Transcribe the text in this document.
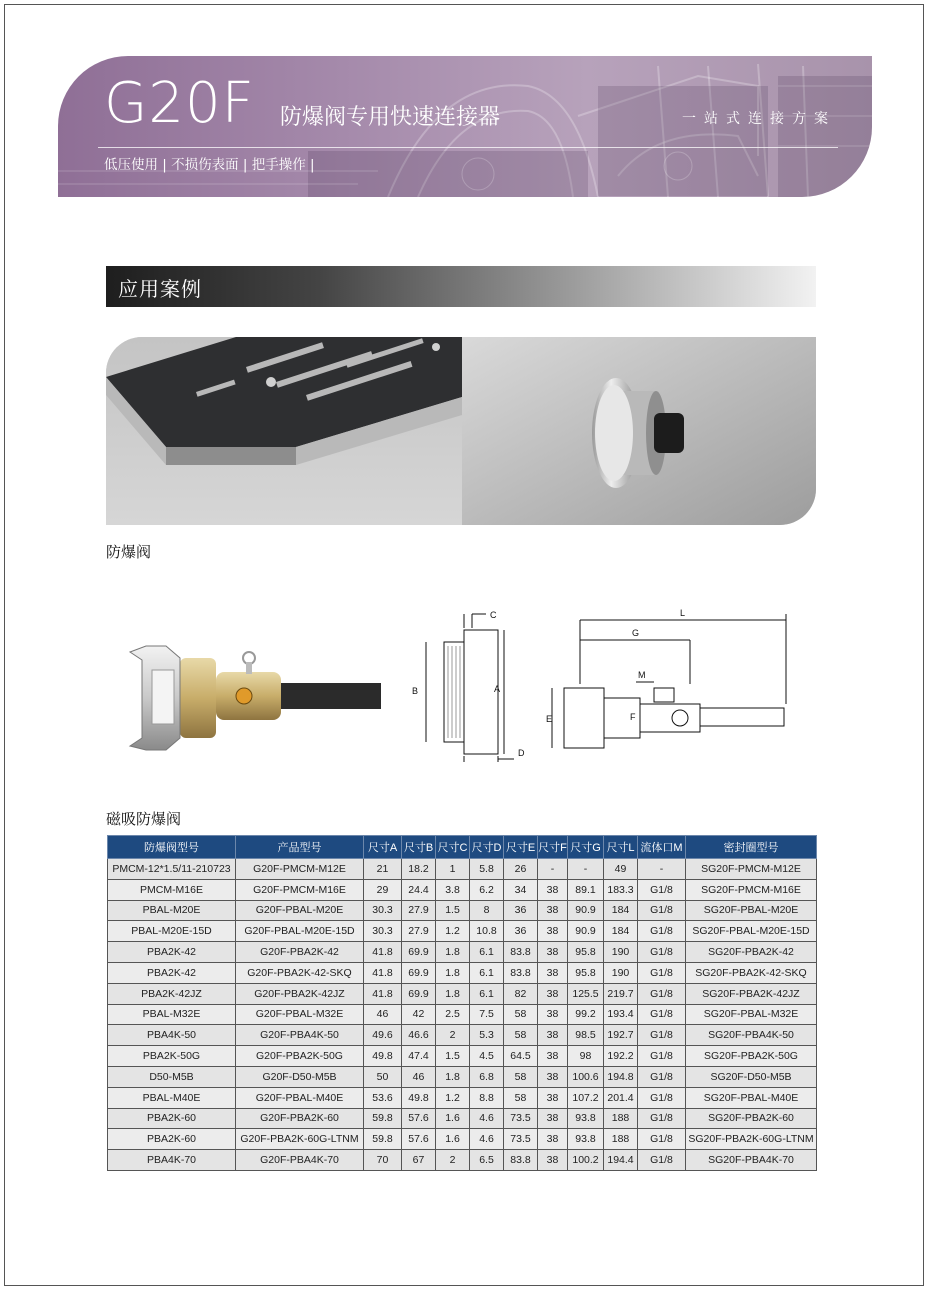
G20F 防爆阀专用快速连接器	一站式连接方案
低压使用 | 不损伤表面 | 把手操作 |
应用案例
防爆阀
C
B	A
D
L
G
M
E	F
磁吸防爆阀
防爆阀型号	产品型号	尺寸A	尺寸B	尺寸C	尺寸D	尺寸E	尺寸F	尺寸G	尺寸L	流体口M	密封圈型号
PMCM-12*1.5/11-210723	G20F-PMCM-M12E	21	18.2	1	5.8	26	-	-	49	-	SG20F-PMCM-M12E
PMCM-M16E	G20F-PMCM-M16E	29	24.4	3.8	6.2	34	38	89.1	183.3	G1/8	SG20F-PMCM-M16E
PBAL-M20E	G20F-PBAL-M20E	30.3	27.9	1.5	8	36	38	90.9	184	G1/8	SG20F-PBAL-M20E
PBAL-M20E-15D	G20F-PBAL-M20E-15D	30.3	27.9	1.2	10.8	36	38	90.9	184	G1/8	SG20F-PBAL-M20E-15D
PBA2K-42	G20F-PBA2K-42	41.8	69.9	1.8	6.1	83.8	38	95.8	190	G1/8	SG20F-PBA2K-42
PBA2K-42	G20F-PBA2K-42-SKQ	41.8	69.9	1.8	6.1	83.8	38	95.8	190	G1/8	SG20F-PBA2K-42-SKQ
PBA2K-42JZ	G20F-PBA2K-42JZ	41.8	69.9	1.8	6.1	82	38	125.5	219.7	G1/8	SG20F-PBA2K-42JZ
PBAL-M32E	G20F-PBAL-M32E	46	42	2.5	7.5	58	38	99.2	193.4	G1/8	SG20F-PBAL-M32E
PBA4K-50	G20F-PBA4K-50	49.6	46.6	2	5.3	58	38	98.5	192.7	G1/8	SG20F-PBA4K-50
PBA2K-50G	G20F-PBA2K-50G	49.8	47.4	1.5	4.5	64.5	38	98	192.2	G1/8	SG20F-PBA2K-50G
D50-M5B	G20F-D50-M5B	50	46	1.8	6.8	58	38	100.6	194.8	G1/8	SG20F-D50-M5B
PBAL-M40E	G20F-PBAL-M40E	53.6	49.8	1.2	8.8	58	38	107.2	201.4	G1/8	SG20F-PBAL-M40E
PBA2K-60	G20F-PBA2K-60	59.8	57.6	1.6	4.6	73.5	38	93.8	188	G1/8	SG20F-PBA2K-60
PBA2K-60	G20F-PBA2K-60G-LTNM	59.8	57.6	1.6	4.6	73.5	38	93.8	188	G1/8	SG20F-PBA2K-60G-LTNM
PBA4K-70	G20F-PBA4K-70	70	67	2	6.5	83.8	38	100.2	194.4	G1/8	SG20F-PBA4K-70
